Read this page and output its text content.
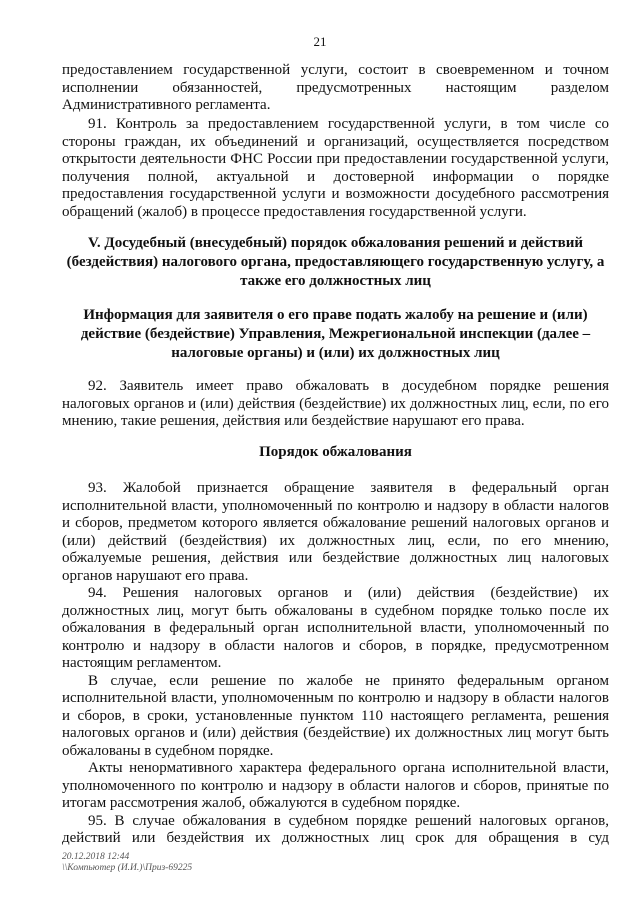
21
предоставлением государственной услуги, состоит в своевременном и точном
исполнении обязанностей, предусмотренных настоящим разделом
Административного регламента.
91. Контроль за предоставлением государственной услуги, в том числе со
стороны граждан, их объединений и организаций, осуществляется посредством
открытости деятельности ФНС России при предоставлении государственной услуги,
получения полной, актуальной и достоверной информации о порядке
предоставления государственной услуги и возможности досудебного рассмотрения
обращений (жалоб) в процессе предоставления государственной услуги.
V. Досудебный (внесудебный) порядок обжалования решений и действий
(бездействия) налогового органа, предоставляющего государственную услугу, а
также его должностных лиц
Информация для заявителя о его праве подать жалобу на решение и (или)
действие (бездействие) Управления, Межрегиональной инспекции (далее –
налоговые органы) и (или) их должностных лиц
92. Заявитель имеет право обжаловать в досудебном порядке решения
налоговых органов и (или) действия (бездействие) их должностных лиц, если, по его
мнению, такие решения, действия или бездействие нарушают его права.
Порядок обжалования
93. Жалобой признается обращение заявителя в федеральный орган
исполнительной власти, уполномоченный по контролю и надзору в области налогов
и сборов, предметом которого является обжалование решений налоговых органов и
(или) действий (бездействия) их должностных лиц, если, по его мнению,
обжалуемые решения, действия или бездействие должностных лиц налоговых
органов нарушают его права.
94. Решения налоговых органов и (или) действия (бездействие) их
должностных лиц, могут быть обжалованы в судебном порядке только после их
обжалования в федеральный орган исполнительной власти, уполномоченный по
контролю и надзору в области налогов и сборов, в порядке, предусмотренном
настоящим регламентом.
В случае, если решение по жалобе не принято федеральным органом
исполнительной власти, уполномоченным по контролю и надзору в области налогов
и сборов, в сроки, установленные пунктом 110 настоящего регламента, решения
налоговых органов и (или) действия (бездействие) их должностных лиц могут быть
обжалованы в судебном порядке.
Акты ненормативного характера федерального органа исполнительной власти,
уполномоченного по контролю и надзору в области налогов и сборов, принятые по
итогам рассмотрения жалоб, обжалуются в судебном порядке.
95. В случае обжалования в судебном порядке решений налоговых органов,
действий или бездействия их должностных лиц срок для обращения в суд
20.12.2018 12:44
\\Компьютер (И.И.)\Приз-69225
